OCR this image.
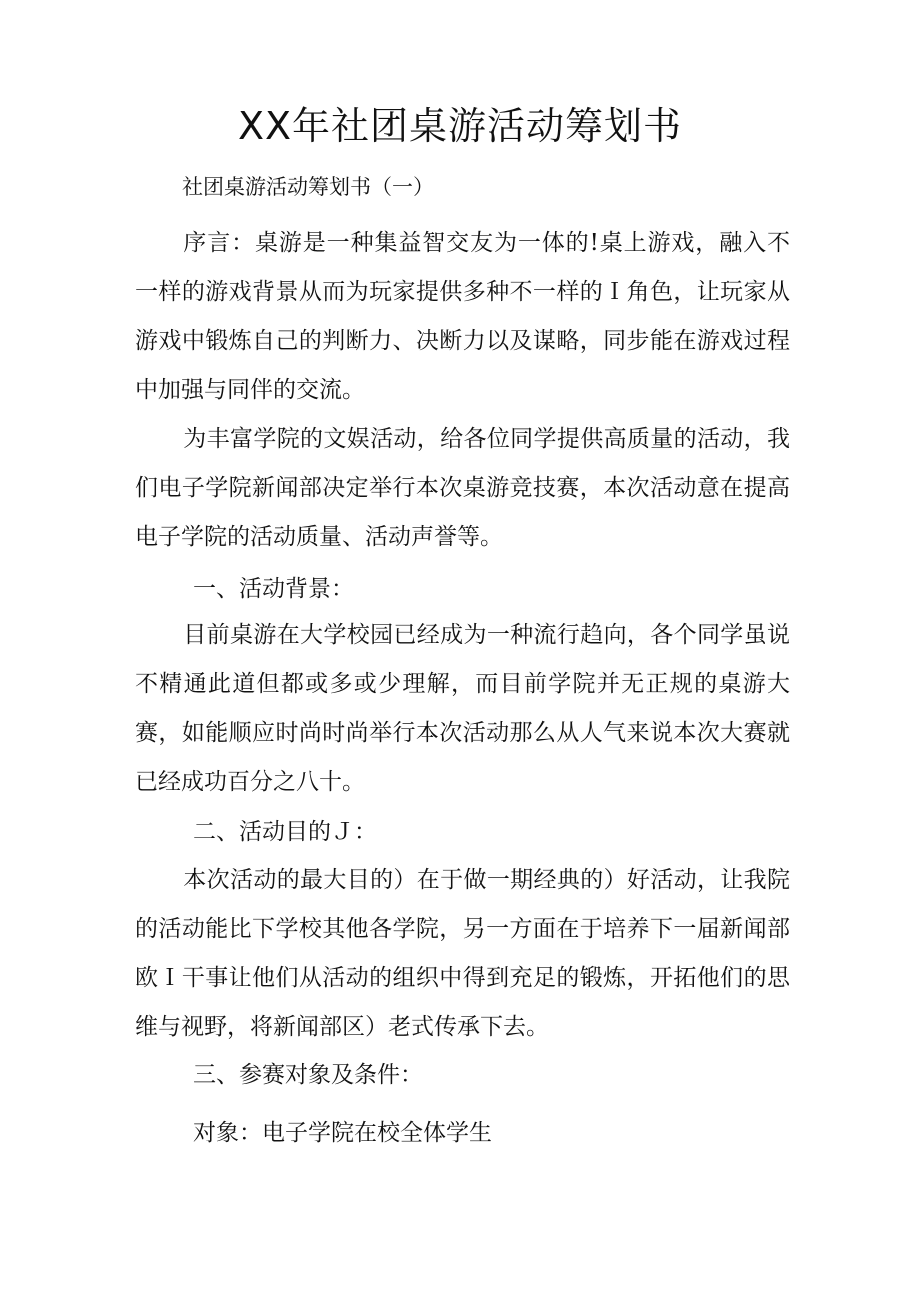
XX年社团桌游活动筹划书

社团桌游活动筹划书（一）

序言：桌游是一种集益智交友为一体的!桌上游戏，融入不一样的游戏背景从而为玩家提供多种不一样的Ｉ角色，让玩家从游戏中锻炼自己的判断力、决断力以及谋略，同步能在游戏过程中加强与同伴的交流。

为丰富学院的文娱活动，给各位同学提供高质量的活动，我们电子学院新闻部决定举行本次桌游竞技赛，本次活动意在提高电子学院的活动质量、活动声誉等。

一、活动背景：

目前桌游在大学校园已经成为一种流行趋向，各个同学虽说不精通此道但都或多或少理解，而目前学院并无正规的桌游大赛，如能顺应时尚时尚举行本次活动那么从人气来说本次大赛就已经成功百分之八十。

二、活动目的Ｊ：

本次活动的最大目的）在于做一期经典的）好活动，让我院的活动能比下学校其他各学院，另一方面在于培养下一届新闻部欧Ｉ干事让他们从活动的组织中得到充足的锻炼，开拓他们的思维与视野，将新闻部区）老式传承下去。

三、参赛对象及条件：

对象：电子学院在校全体学生
